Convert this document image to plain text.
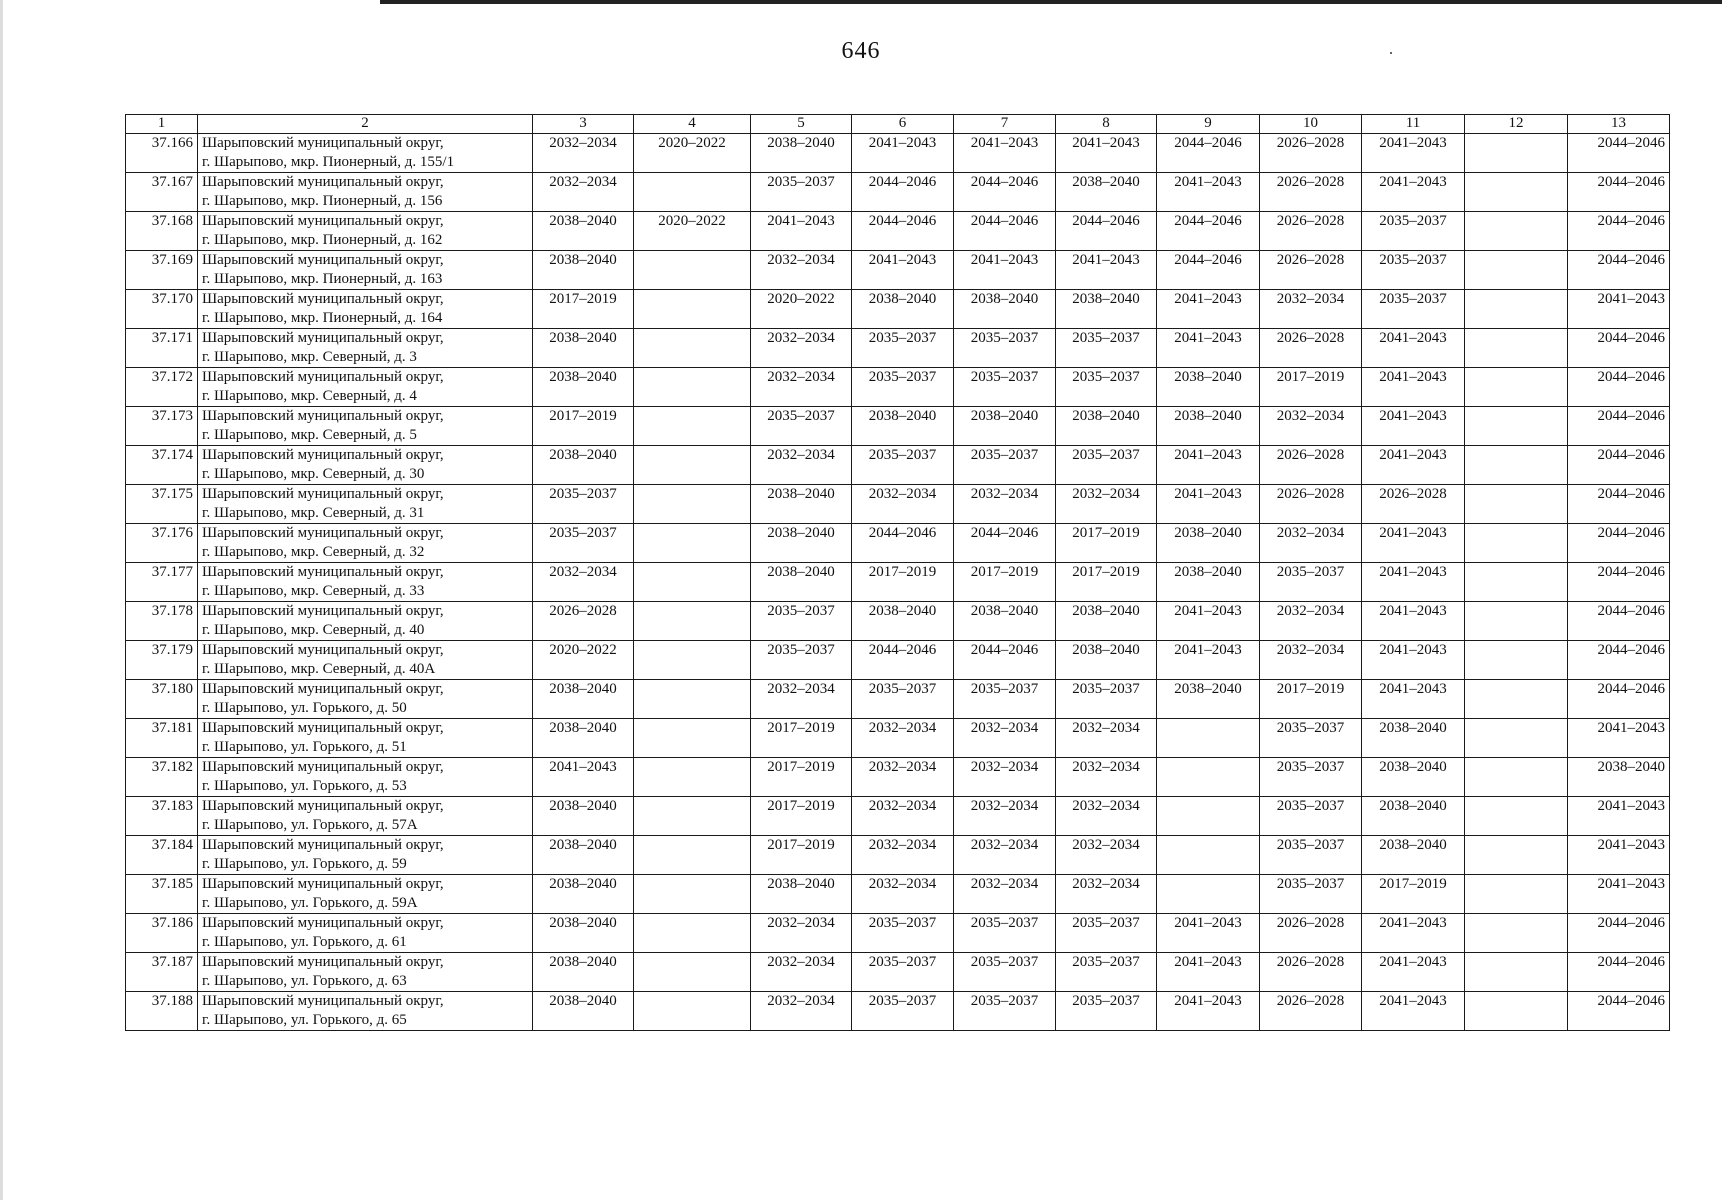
646
1	2	3	4	5	6	7	8	9	10	11	12	13
37.166	Шарыповский муниципальный округ,
г. Шарыпово, мкр. Пионерный, д. 155/1	2032–2034	2020–2022	2038–2040	2041–2043	2041–2043	2041–2043	2044–2046	2026–2028	2041–2043		2044–2046
37.167	Шарыповский муниципальный округ,
г. Шарыпово, мкр. Пионерный, д. 156	2032–2034		2035–2037	2044–2046	2044–2046	2038–2040	2041–2043	2026–2028	2041–2043		2044–2046
37.168	Шарыповский муниципальный округ,
г. Шарыпово, мкр. Пионерный, д. 162	2038–2040	2020–2022	2041–2043	2044–2046	2044–2046	2044–2046	2044–2046	2026–2028	2035–2037		2044–2046
37.169	Шарыповский муниципальный округ,
г. Шарыпово, мкр. Пионерный, д. 163	2038–2040		2032–2034	2041–2043	2041–2043	2041–2043	2044–2046	2026–2028	2035–2037		2044–2046
37.170	Шарыповский муниципальный округ,
г. Шарыпово, мкр. Пионерный, д. 164	2017–2019		2020–2022	2038–2040	2038–2040	2038–2040	2041–2043	2032–2034	2035–2037		2041–2043
37.171	Шарыповский муниципальный округ,
г. Шарыпово, мкр. Северный, д. 3	2038–2040		2032–2034	2035–2037	2035–2037	2035–2037	2041–2043	2026–2028	2041–2043		2044–2046
37.172	Шарыповский муниципальный округ,
г. Шарыпово, мкр. Северный, д. 4	2038–2040		2032–2034	2035–2037	2035–2037	2035–2037	2038–2040	2017–2019	2041–2043		2044–2046
37.173	Шарыповский муниципальный округ,
г. Шарыпово, мкр. Северный, д. 5	2017–2019		2035–2037	2038–2040	2038–2040	2038–2040	2038–2040	2032–2034	2041–2043		2044–2046
37.174	Шарыповский муниципальный округ,
г. Шарыпово, мкр. Северный, д. 30	2038–2040		2032–2034	2035–2037	2035–2037	2035–2037	2041–2043	2026–2028	2041–2043		2044–2046
37.175	Шарыповский муниципальный округ,
г. Шарыпово, мкр. Северный, д. 31	2035–2037		2038–2040	2032–2034	2032–2034	2032–2034	2041–2043	2026–2028	2026–2028		2044–2046
37.176	Шарыповский муниципальный округ,
г. Шарыпово, мкр. Северный, д. 32	2035–2037		2038–2040	2044–2046	2044–2046	2017–2019	2038–2040	2032–2034	2041–2043		2044–2046
37.177	Шарыповский муниципальный округ,
г. Шарыпово, мкр. Северный, д. 33	2032–2034		2038–2040	2017–2019	2017–2019	2017–2019	2038–2040	2035–2037	2041–2043		2044–2046
37.178	Шарыповский муниципальный округ,
г. Шарыпово, мкр. Северный, д. 40	2026–2028		2035–2037	2038–2040	2038–2040	2038–2040	2041–2043	2032–2034	2041–2043		2044–2046
37.179	Шарыповский муниципальный округ,
г. Шарыпово, мкр. Северный, д. 40А	2020–2022		2035–2037	2044–2046	2044–2046	2038–2040	2041–2043	2032–2034	2041–2043		2044–2046
37.180	Шарыповский муниципальный округ,
г. Шарыпово, ул. Горького, д. 50	2038–2040		2032–2034	2035–2037	2035–2037	2035–2037	2038–2040	2017–2019	2041–2043		2044–2046
37.181	Шарыповский муниципальный округ,
г. Шарыпово, ул. Горького, д. 51	2038–2040		2017–2019	2032–2034	2032–2034	2032–2034		2035–2037	2038–2040		2041–2043
37.182	Шарыповский муниципальный округ,
г. Шарыпово, ул. Горького, д. 53	2041–2043		2017–2019	2032–2034	2032–2034	2032–2034		2035–2037	2038–2040		2038–2040
37.183	Шарыповский муниципальный округ,
г. Шарыпово, ул. Горького, д. 57А	2038–2040		2017–2019	2032–2034	2032–2034	2032–2034		2035–2037	2038–2040		2041–2043
37.184	Шарыповский муниципальный округ,
г. Шарыпово, ул. Горького, д. 59	2038–2040		2017–2019	2032–2034	2032–2034	2032–2034		2035–2037	2038–2040		2041–2043
37.185	Шарыповский муниципальный округ,
г. Шарыпово, ул. Горького, д. 59А	2038–2040		2038–2040	2032–2034	2032–2034	2032–2034		2035–2037	2017–2019		2041–2043
37.186	Шарыповский муниципальный округ,
г. Шарыпово, ул. Горького, д. 61	2038–2040		2032–2034	2035–2037	2035–2037	2035–2037	2041–2043	2026–2028	2041–2043		2044–2046
37.187	Шарыповский муниципальный округ,
г. Шарыпово, ул. Горького, д. 63	2038–2040		2032–2034	2035–2037	2035–2037	2035–2037	2041–2043	2026–2028	2041–2043		2044–2046
37.188	Шарыповский муниципальный округ,
г. Шарыпово, ул. Горького, д. 65	2038–2040		2032–2034	2035–2037	2035–2037	2035–2037	2041–2043	2026–2028	2041–2043		2044–2046
